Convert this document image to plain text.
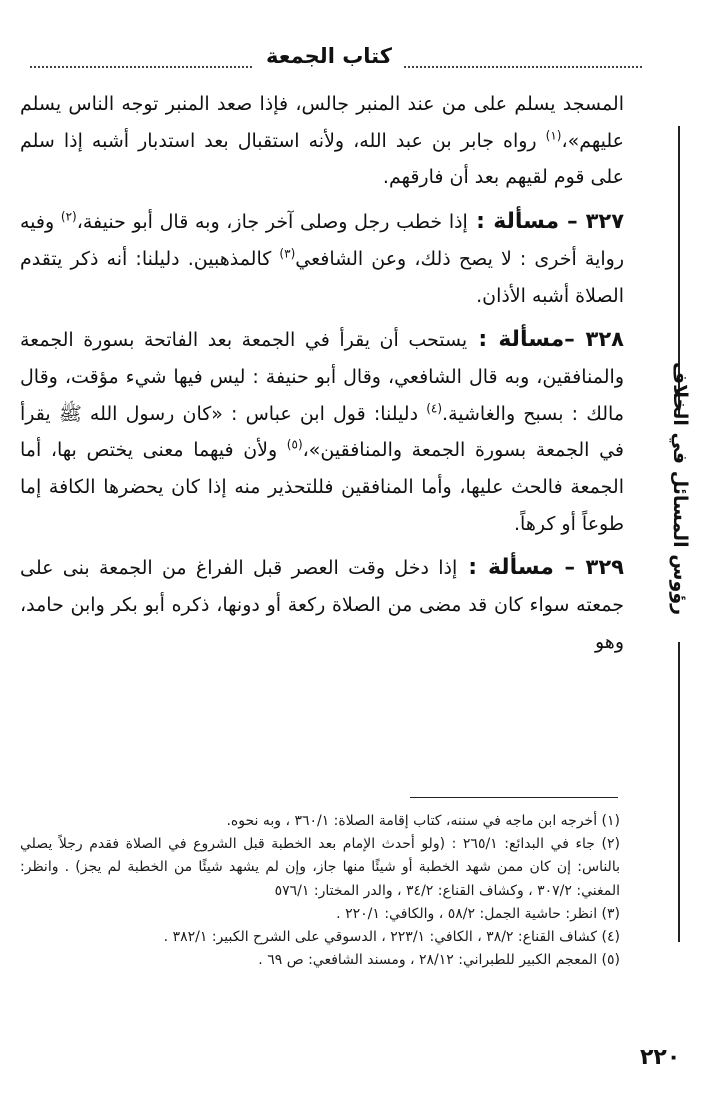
كتاب الجمعة
رؤوس المسائل في الخلاف

المسجد يسلم على من عند المنبر جالس، فإذا صعد المنبر توجه الناس يسلم عليهم»،$^{(١)}$ رواه جابر بن عبد الله، ولأنه استقبال بعد استدبار أشبه إذا سلم على قوم لقيهم بعد أن فارقهم.

٣٢٧ – مسألة : إذا خطب رجل وصلى آخر جاز، وبه قال أبو حنيفة،$^{(٢)}$ وفيه رواية أخرى : لا يصح ذلك، وعن الشافعي$^{(٣)}$ كالمذهبين. دليلنا: أنه ذكر يتقدم الصلاة أشبه الأذان.

٣٢٨ –مسألة : يستحب أن يقرأ في الجمعة بعد الفاتحة بسورة الجمعة والمنافقين، وبه قال الشافعي، وقال أبو حنيفة : ليس فيها شيء مؤقت، وقال مالك : بسبح والغاشية.$^{(٤)}$ دليلنا: قول ابن عباس : «كان رسول الله ﷺ يقرأ في الجمعة بسورة الجمعة والمنافقين»،$^{(٥)}$ ولأن فيهما معنى يختص بها، أما الجمعة فالحث عليها، وأما المنافقين فللتحذير منه إذا كان يحضرها الكافة إما طوعاً أو كرهاً.

٣٢٩ – مسألة : إذا دخل وقت العصر قبل الفراغ من الجمعة بنى على جمعته سواء كان قد مضى من الصلاة ركعة أو دونها، ذكره أبو بكر وابن حامد، وهو

(١) أخرجه ابن ماجه في سننه، كتاب إقامة الصلاة: ٣٦٠/١ ، وبه نحوه.

(٢) جاء في البدائع: ٢٦٥/١ : (ولو أحدث الإمام بعد الخطبة قبل الشروع في الصلاة فقدم رجلاً يصلي بالناس: إن كان ممن شهد الخطبة أو شيئًا منها جاز، وإن لم يشهد شيئًا من الخطبة لم يجز) . وانظر: المغني: ٣٠٧/٢ ، وكشاف القناع: ٣٤/٢ ، والدر المختار: ٥٧٦/١

(٣) انظر: حاشية الجمل: ٥٨/٢ ، والكافي: ٢٢٠/١ .

(٤) كشاف القناع: ٣٨/٢ ، الكافي: ٢٢٣/١ ، الدسوقي على الشرح الكبير: ٣٨٢/١ .

(٥) المعجم الكبير للطبراني: ٢٨/١٢ ، ومسند الشافعي: ص ٦٩ .

٢٢٠
